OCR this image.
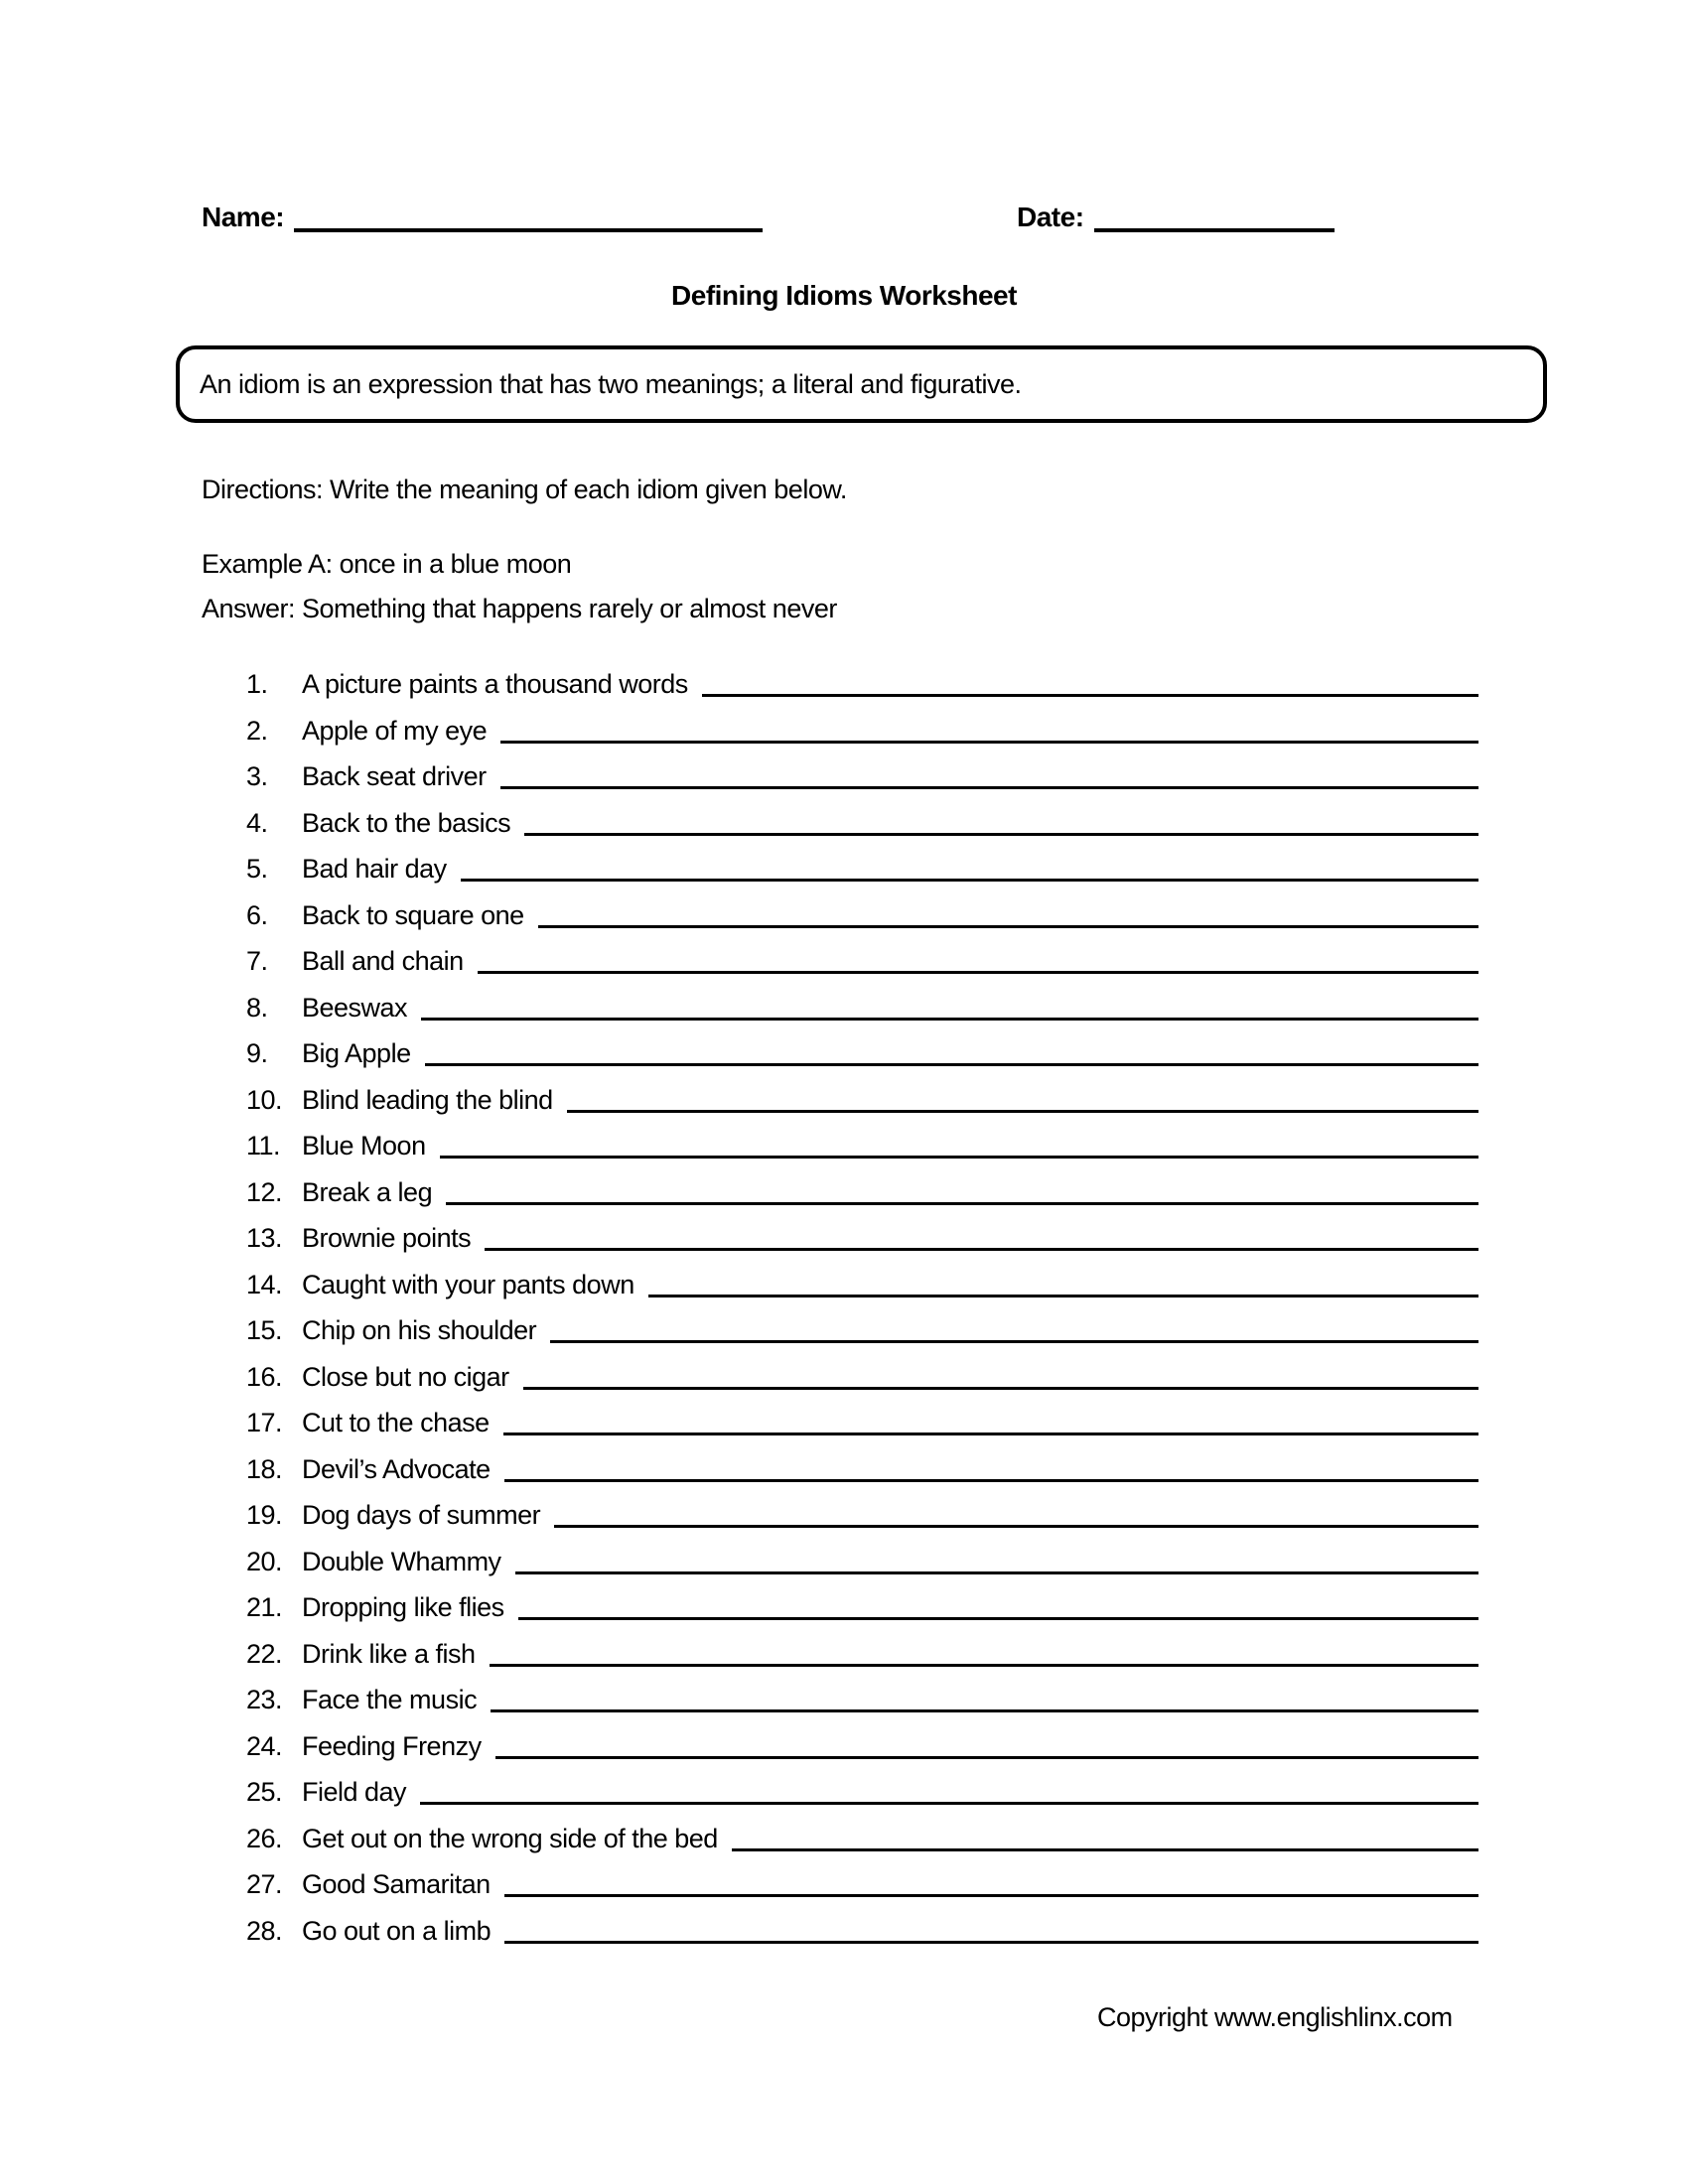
Name:	Date:
Defining Idioms Worksheet
An idiom is an expression that has two meanings; a literal and figurative.
Directions: Write the meaning of each idiom given below.
Example A: once in a blue moon
Answer: Something that happens rarely or almost never
1.	A picture paints a thousand words
2.	Apple of my eye
3.	Back seat driver
4.	Back to the basics
5.	Bad hair day
6.	Back to square one
7.	Ball and chain
8.	Beeswax
9.	Big Apple
10. Blind leading the blind
11. Blue Moon
12. Break a leg
13. Brownie points
14. Caught with your pants down
15. Chip on his shoulder
16. Close but no cigar
17. Cut to the chase
18. Devil’s Advocate
19. Dog days of summer
20. Double Whammy
21. Dropping like flies
22. Drink like a fish
23. Face the music
24. Feeding Frenzy
25. Field day
26. Get out on the wrong side of the bed
27. Good Samaritan
28. Go out on a limb
Copyright www.englishlinx.com
